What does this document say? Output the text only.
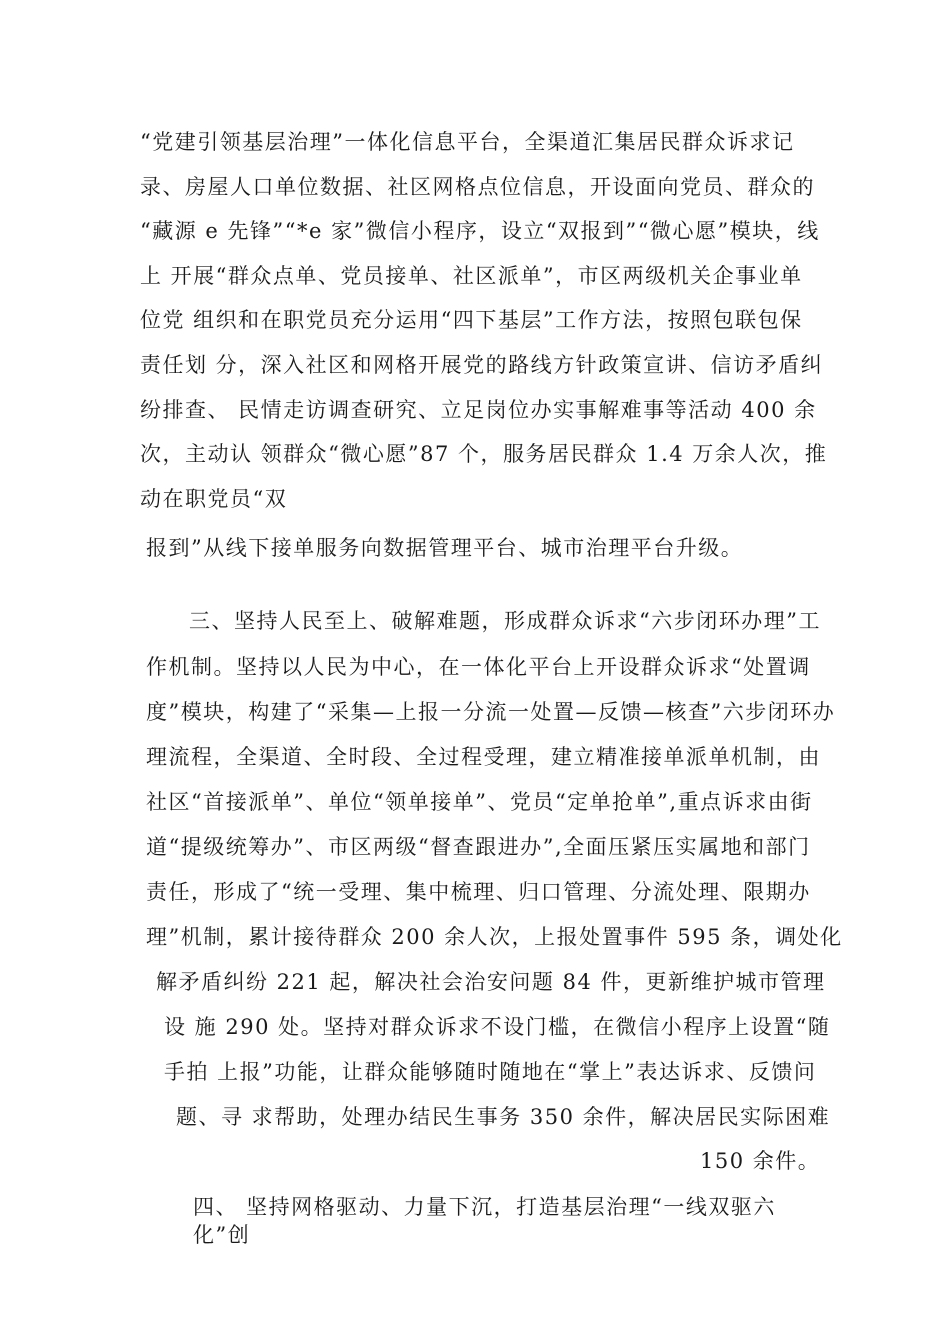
“党建引领基层治理”一体化信息平台，全渠道汇集居民群众诉求记
录、房屋人口单位数据、社区网格点位信息，开设面向党员、群众的
“藏源 e 先锋”“*e 家”微信小程序，设立“双报到”“微心愿”模块，线
上 开展“群众点单、党员接单、社区派单”，市区两级机关企事业单
位党 组织和在职党员充分运用“四下基层”工作方法，按照包联包保
责任划 分，深入社区和网格开展党的路线方针政策宣讲、信访矛盾纠
纷排查、 民情走访调查研究、立足岗位办实事解难事等活动 400 余
次，主动认 领群众“微心愿”87 个，服务居民群众 1.4 万余人次，推
动在职党员“双
报到”从线下接单服务向数据管理平台、城市治理平台升级。
三、坚持人民至上、破解难题，形成群众诉求“六步闭环办理”工
作机制。坚持以人民为中心，在一体化平台上开设群众诉求“处置调
度”模块，构建了“采集—上报一分流一处置—反馈—核查”六步闭环办
理流程，全渠道、全时段、全过程受理，建立精准接单派单机制，由
社区“首接派单”、单位“领单接单”、党员“定单抢单”,重点诉求由街
道“提级统筹办”、市区两级“督查跟进办”,全面压紧压实属地和部门
责任，形成了“统一受理、集中梳理、归口管理、分流处理、限期办
理”机制，累计接待群众 200 余人次，上报处置事件 595 条，调处化
解矛盾纠纷 221 起，解决社会治安问题 84 件，更新维护城市管理
设 施 290 处。坚持对群众诉求不设门槛，在微信小程序上设置“随
手拍 上报”功能，让群众能够随时随地在“掌上”表达诉求、反馈问
题、寻 求帮助，处理办结民生事务 350 余件，解决居民实际困难
150 余件。
四、 坚持网格驱动、力量下沉，打造基层治理“一线双驱六
化”创
